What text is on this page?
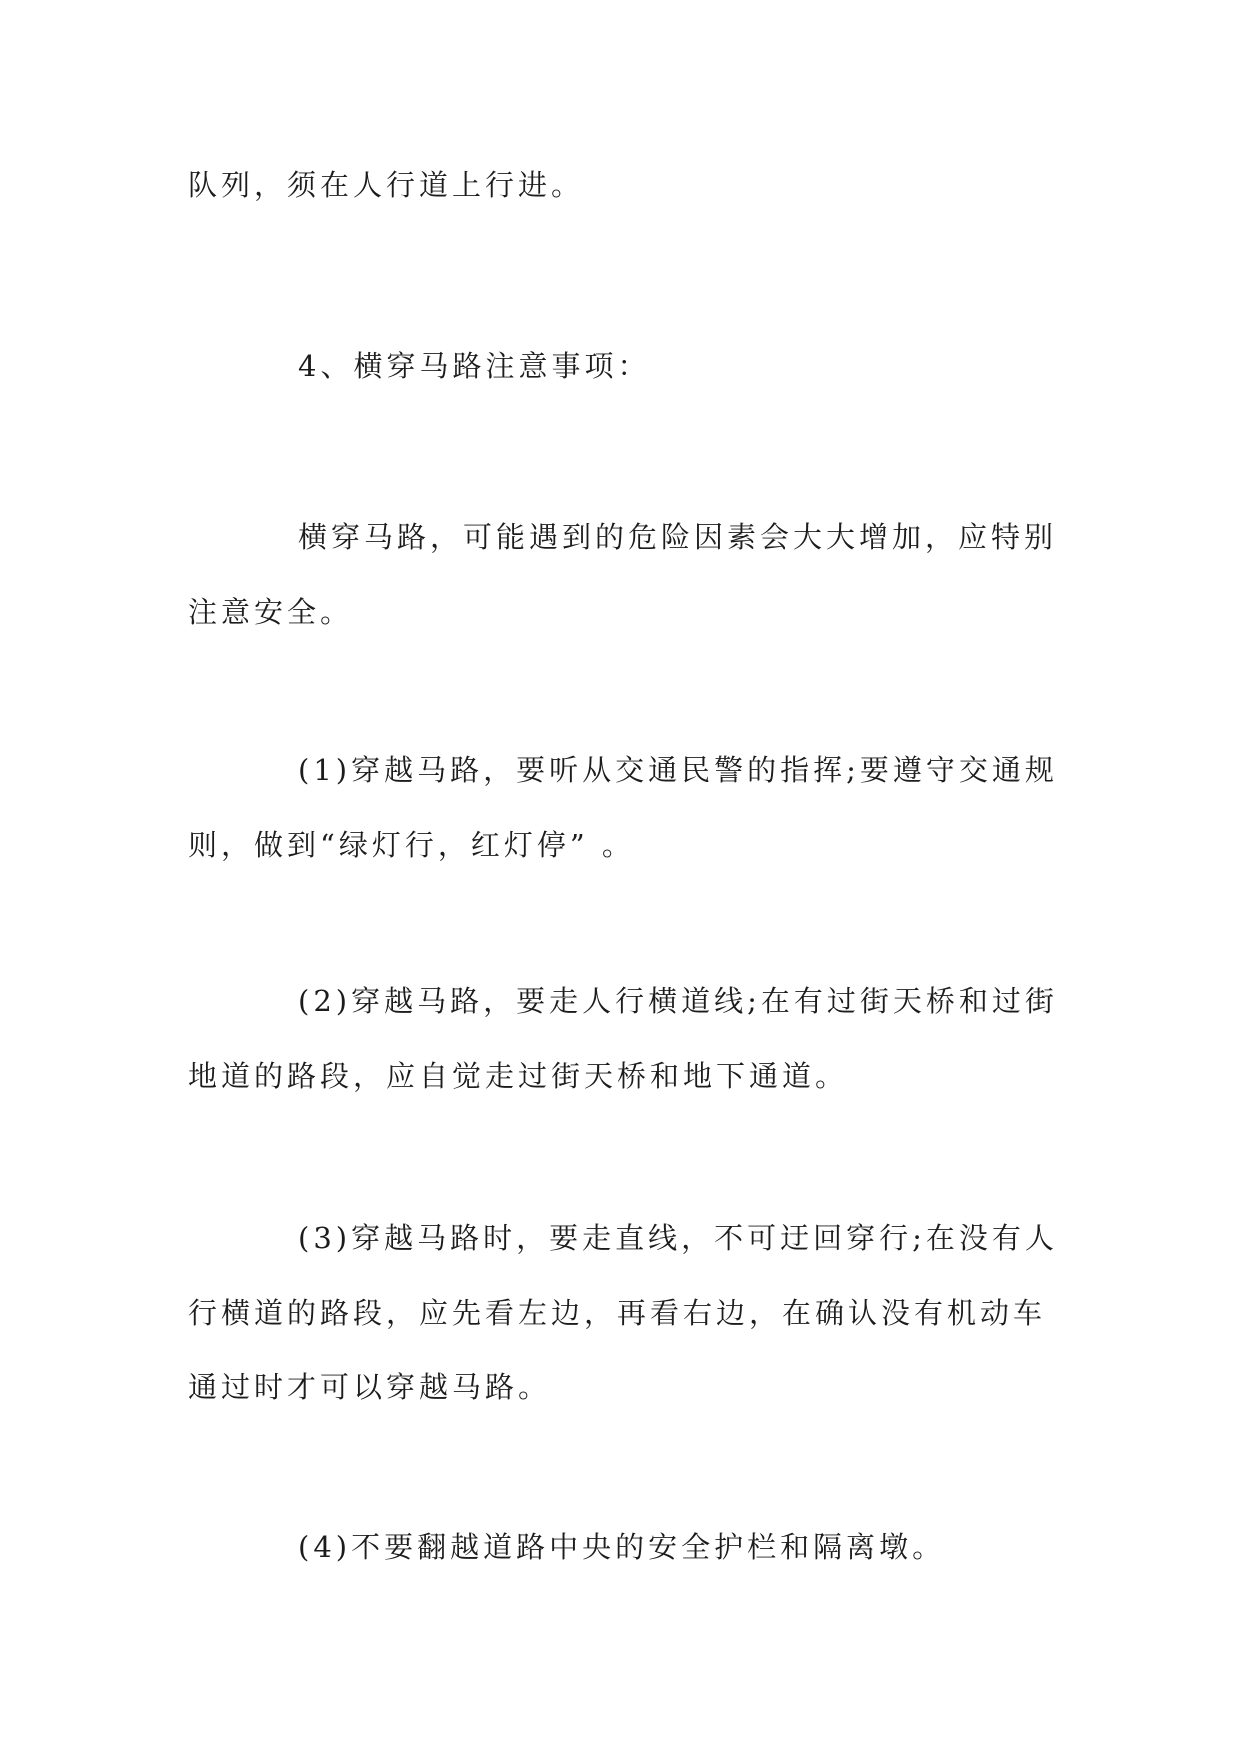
队列，须在人行道上行进。
4、横穿马路注意事项：
横穿马路，可能遇到的危险因素会大大增加，应特别
注意安全。
(1)穿越马路，要听从交通民警的指挥;要遵守交通规
则，做到“绿灯行，红灯停” 。
(2)穿越马路，要走人行横道线;在有过街天桥和过街
地道的路段，应自觉走过街天桥和地下通道。
(3)穿越马路时，要走直线，不可迂回穿行;在没有人
行横道的路段，应先看左边，再看右边，在确认没有机动车
通过时才可以穿越马路。
(4)不要翻越道路中央的安全护栏和隔离墩。
